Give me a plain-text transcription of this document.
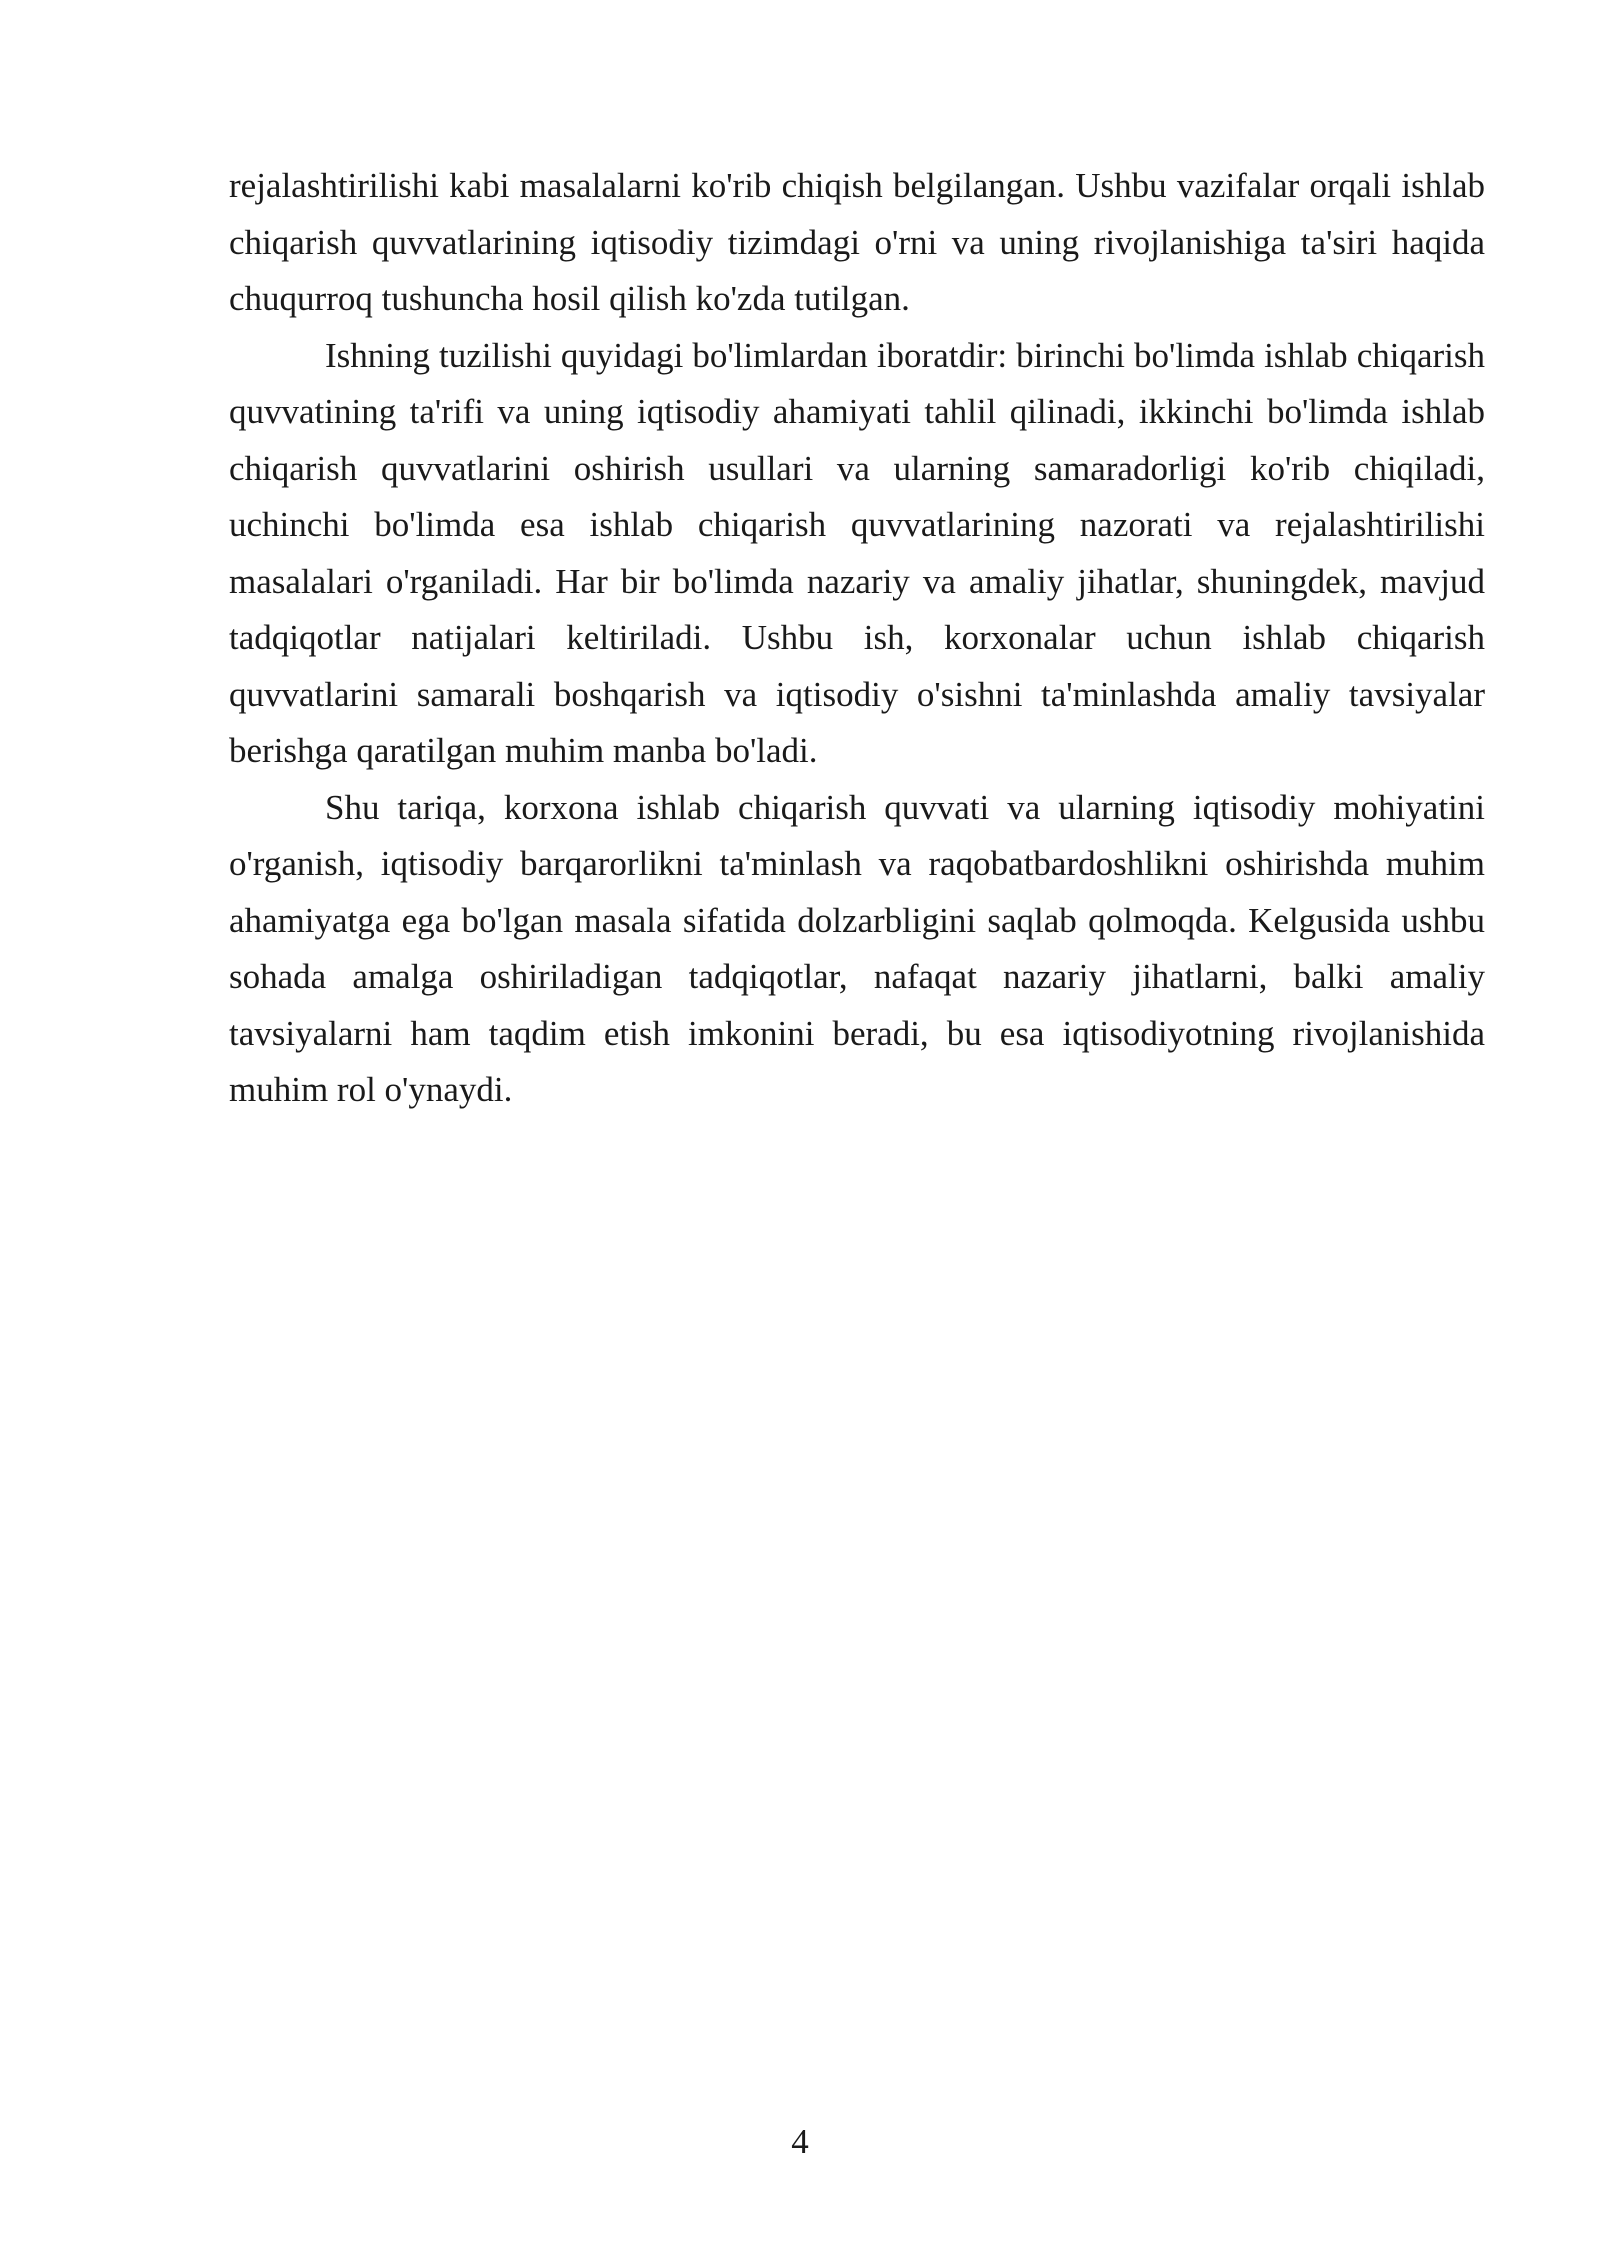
rejalashtirilishi kabi masalalarni ko'rib chiqish belgilangan. Ushbu vazifalar orqali ishlab chiqarish quvvatlarining iqtisodiy tizimdagi o'rni va uning rivojlanishiga ta'siri haqida chuqurroq tushuncha hosil qilish ko'zda tutilgan.

Ishning tuzilishi quyidagi bo'limlardan iboratdir: birinchi bo'limda ishlab chiqarish quvvatining ta'rifi va uning iqtisodiy ahamiyati tahlil qilinadi, ikkinchi bo'limda ishlab chiqarish quvvatlarini oshirish usullari va ularning samaradorligi ko'rib chiqiladi, uchinchi bo'limda esa ishlab chiqarish quvvatlarining nazorati va rejalashtirilishi masalalari o'rganiladi. Har bir bo'limda nazariy va amaliy jihatlar, shuningdek, mavjud tadqiqotlar natijalari keltiriladi. Ushbu ish, korxonalar uchun ishlab chiqarish quvvatlarini samarali boshqarish va iqtisodiy o'sishni ta'minlashda amaliy tavsiyalar berishga qaratilgan muhim manba bo'ladi.

Shu tariqa, korxona ishlab chiqarish quvvati va ularning iqtisodiy mohiyatini o'rganish, iqtisodiy barqarorlikni ta'minlash va raqobatbardoshlikni oshirishda muhim ahamiyatga ega bo'lgan masala sifatida dolzarbligini saqlab qolmoqda. Kelgusida ushbu sohada amalga oshiriladigan tadqiqotlar, nafaqat nazariy jihatlarni, balki amaliy tavsiyalarni ham taqdim etish imkonini beradi, bu esa iqtisodiyotning rivojlanishida muhim rol o'ynaydi.

4
